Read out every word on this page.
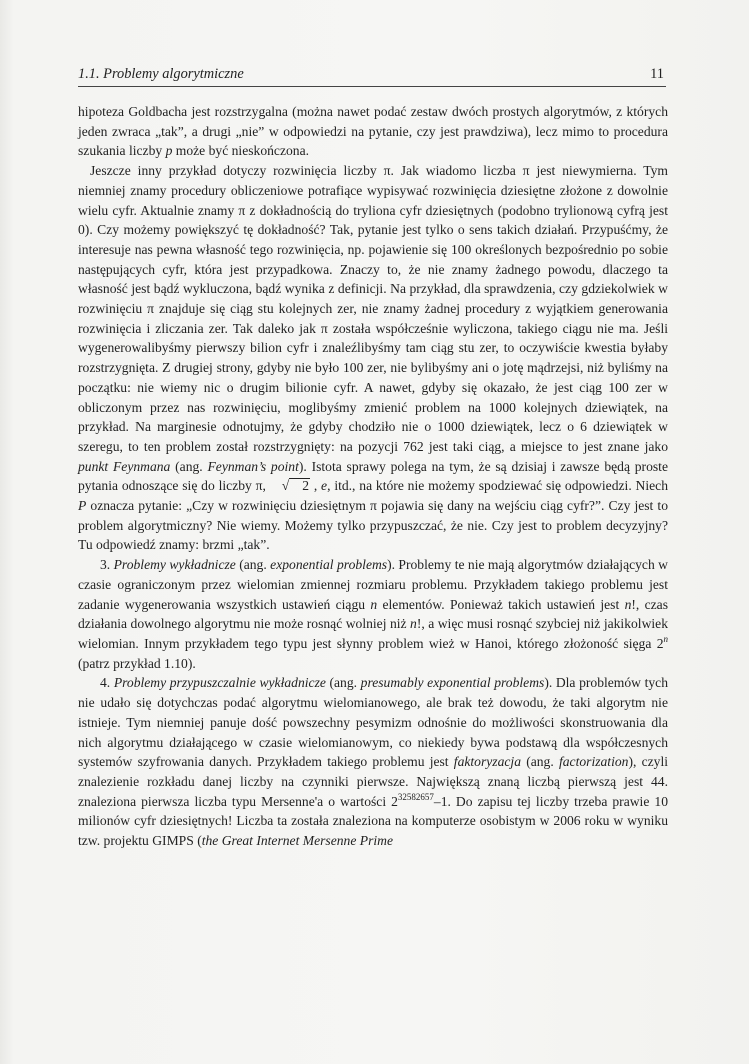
1.1. Problemy algorytmiczne	11

hipoteza Goldbacha jest rozstrzygalna (można nawet podać zestaw dwóch prostych algorytmów, z których jeden zwraca „tak”, a drugi „nie” w odpowiedzi na pytanie, czy jest prawdziwa), lecz mimo to procedura szukania liczby p może być nieskończona.

Jeszcze inny przykład dotyczy rozwinięcia liczby π. Jak wiadomo liczba π jest niewymierna. Tym niemniej znamy procedury obliczeniowe potrafiące wypisywać rozwinięcia dziesiętne złożone z dowolnie wielu cyfr. Aktualnie znamy π z dokładnością do tryliona cyfr dziesiętnych (podobno trylionową cyfrą jest 0). Czy możemy powiększyć tę dokładność? Tak, pytanie jest tylko o sens takich działań. Przypuśćmy, że interesuje nas pewna własność tego rozwinięcia, np. pojawienie się 100 określonych bezpośrednio po sobie następujących cyfr, która jest przypadkowa. Znaczy to, że nie znamy żadnego powodu, dlaczego ta własność jest bądź wykluczona, bądź wynika z definicji. Na przykład, dla sprawdzenia, czy gdziekolwiek w rozwinięciu π znajduje się ciąg stu kolejnych zer, nie znamy żadnej procedury z wyjątkiem generowania rozwinięcia i zliczania zer. Tak daleko jak π została współcześnie wyliczona, takiego ciągu nie ma. Jeśli wygenerowalibyśmy pierwszy bilion cyfr i znaleźlibyśmy tam ciąg stu zer, to oczywiście kwestia byłaby rozstrzygnięta. Z drugiej strony, gdyby nie było 100 zer, nie bylibyśmy ani o jotę mądrzejsi, niż byliśmy na początku: nie wiemy nic o drugim bilionie cyfr. A nawet, gdyby się okazało, że jest ciąg 100 zer w obliczonym przez nas rozwinięciu, moglibyśmy zmienić problem na 1000 kolejnych dziewiątek, na przykład. Na marginesie odnotujmy, że gdyby chodziło nie o 1000 dziewiątek, lecz o 6 dziewiątek w szeregu, to ten problem został rozstrzygnięty: na pozycji 762 jest taki ciąg, a miejsce to jest znane jako punkt Feynmana (ang. Feynman’s point). Istota sprawy polega na tym, że są dzisiaj i zawsze będą proste pytania odnoszące się do liczby π, √ 2 , e, itd., na które nie możemy spodziewać się odpowiedzi. Niech P oznacza pytanie: „Czy w rozwinięciu dziesiętnym π pojawia się dany na wejściu ciąg cyfr?”. Czy jest to problem algorytmiczny? Nie wiemy. Możemy tylko przypuszczać, że nie. Czy jest to problem decyzyjny? Tu odpowiedź znamy: brzmi „tak”.

3. Problemy wykładnicze (ang. exponential problems). Problemy te nie mają algorytmów działających w czasie ograniczonym przez wielomian zmiennej rozmiaru problemu. Przykładem takiego problemu jest zadanie wygenerowania wszystkich ustawień ciągu n elementów. Ponieważ takich ustawień jest n!, czas działania dowolnego algorytmu nie może rosnąć wolniej niż n!, a więc musi rosnąć szybciej niż jakikolwiek wielomian. Innym przykładem tego typu jest słynny problem wież w Hanoi, którego złożoność sięga 2$^n$ (patrz przykład 1.10).

4. Problemy przypuszczalnie wykładnicze (ang. presumably exponential problems). Dla problemów tych nie udało się dotychczas podać algorytmu wielomianowego, ale brak też dowodu, że taki algorytm nie istnieje. Tym niemniej panuje dość powszechny pesymizm odnośnie do możliwości skonstruowania dla nich algorytmu działającego w czasie wielomianowym, co niekiedy bywa podstawą dla współczesnych systemów szyfrowania danych. Przykładem takiego problemu jest faktoryzacja (ang. factorization), czyli znalezienie rozkładu danej liczby na czynniki pierwsze. Największą znaną liczbą pierwszą jest 44. znaleziona pierwsza liczba typu Mersenne'a o wartości $2^{32582657}-1$. Do zapisu tej liczby trzeba prawie 10 milionów cyfr dziesiętnych! Liczba ta została znaleziona na komputerze osobistym w 2006 roku w wyniku tzw. projektu GIMPS (the Great Internet Mersenne Prime
